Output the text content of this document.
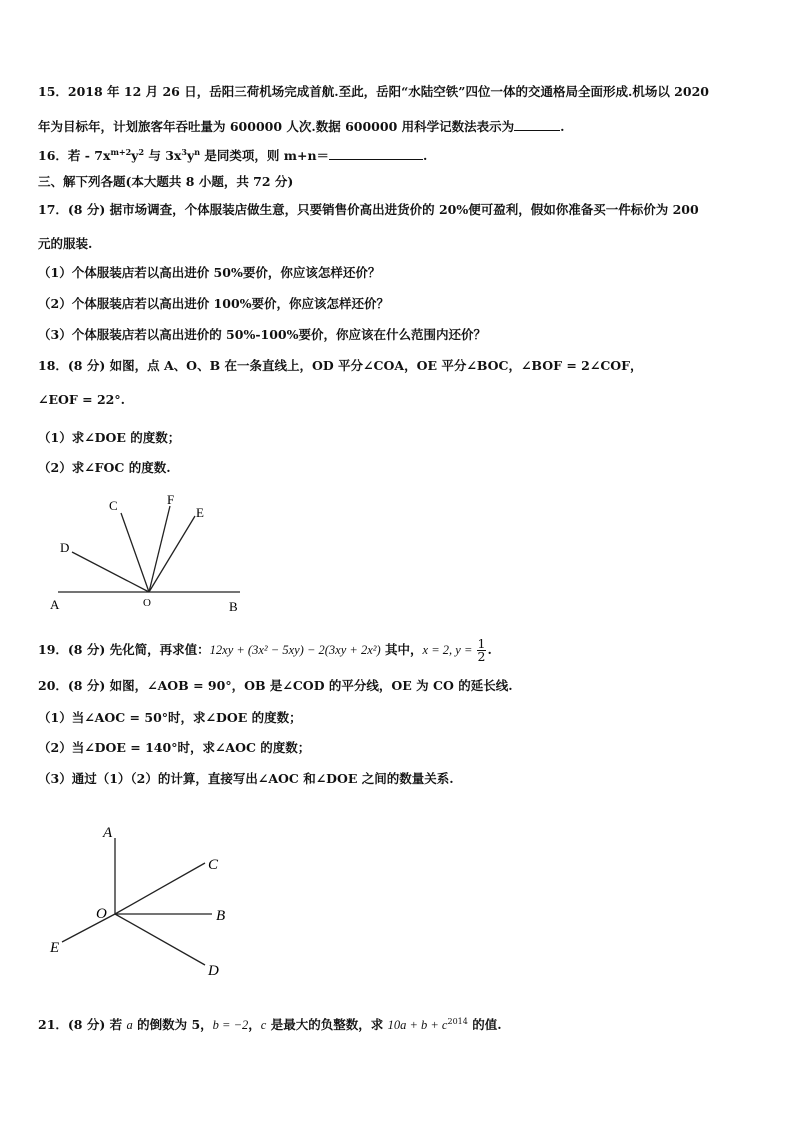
15．2018 年 12 月 26 日，岳阳三荷机场完成首航.至此，岳阳“水陆空铁”四位一体的交通格局全面形成.机场以 2020
年为目标年，计划旅客年吞吐量为 600000 人次.数据 600000 用科学记数法表示为	.
16．若 - $7x^{m+2}y^2$ 与 $3x^3y^n$ 是同类项，则 m+n＝	.
三、解下列各题(本大题共 8 小题，共 72 分)
17．(8 分) 据市场调查，个体服装店做生意，只要销售价高出进货价的 20%便可盈利，假如你准备买一件标价为 200
元的服装.
（1）个体服装店若以高出进价 50%要价，你应该怎样还价？
（2）个体服装店若以高出进价 100%要价，你应该怎样还价？
（3）个体服装店若以高出进价的 50%-100%要价，你应该在什么范围内还价？
18．(8 分) 如图，点 A、O、B 在一条直线上，OD 平分∠COA，OE 平分∠BOC，∠BOF = 2∠COF，
∠EOF = 22°.
（1）求∠DOE 的度数；
（2）求∠FOC 的度数.
C	F
E
D
A	O	B
19．(8 分) 先化简，再求值：12xy + (3x² − 5xy) − 2(3xy + 2x²) 其中，x = 2, $y = \frac{1}{2}$ .
20．(8 分) 如图，∠AOB = 90°，OB 是∠COD 的平分线，OE 为 CO 的延长线.
（1）当∠AOC = 50°时，求∠DOE 的度数；
（2）当∠DOE = 140°时，求∠AOC 的度数；
（3）通过（1）（2）的计算，直接写出∠AOC 和∠DOE 之间的数量关系.
A
C
O	B
E
D
21．(8 分) 若 a 的倒数为 5，b = −2，c 是最大的负整数，求 $10a + b + c^{2014}$ 的值.
